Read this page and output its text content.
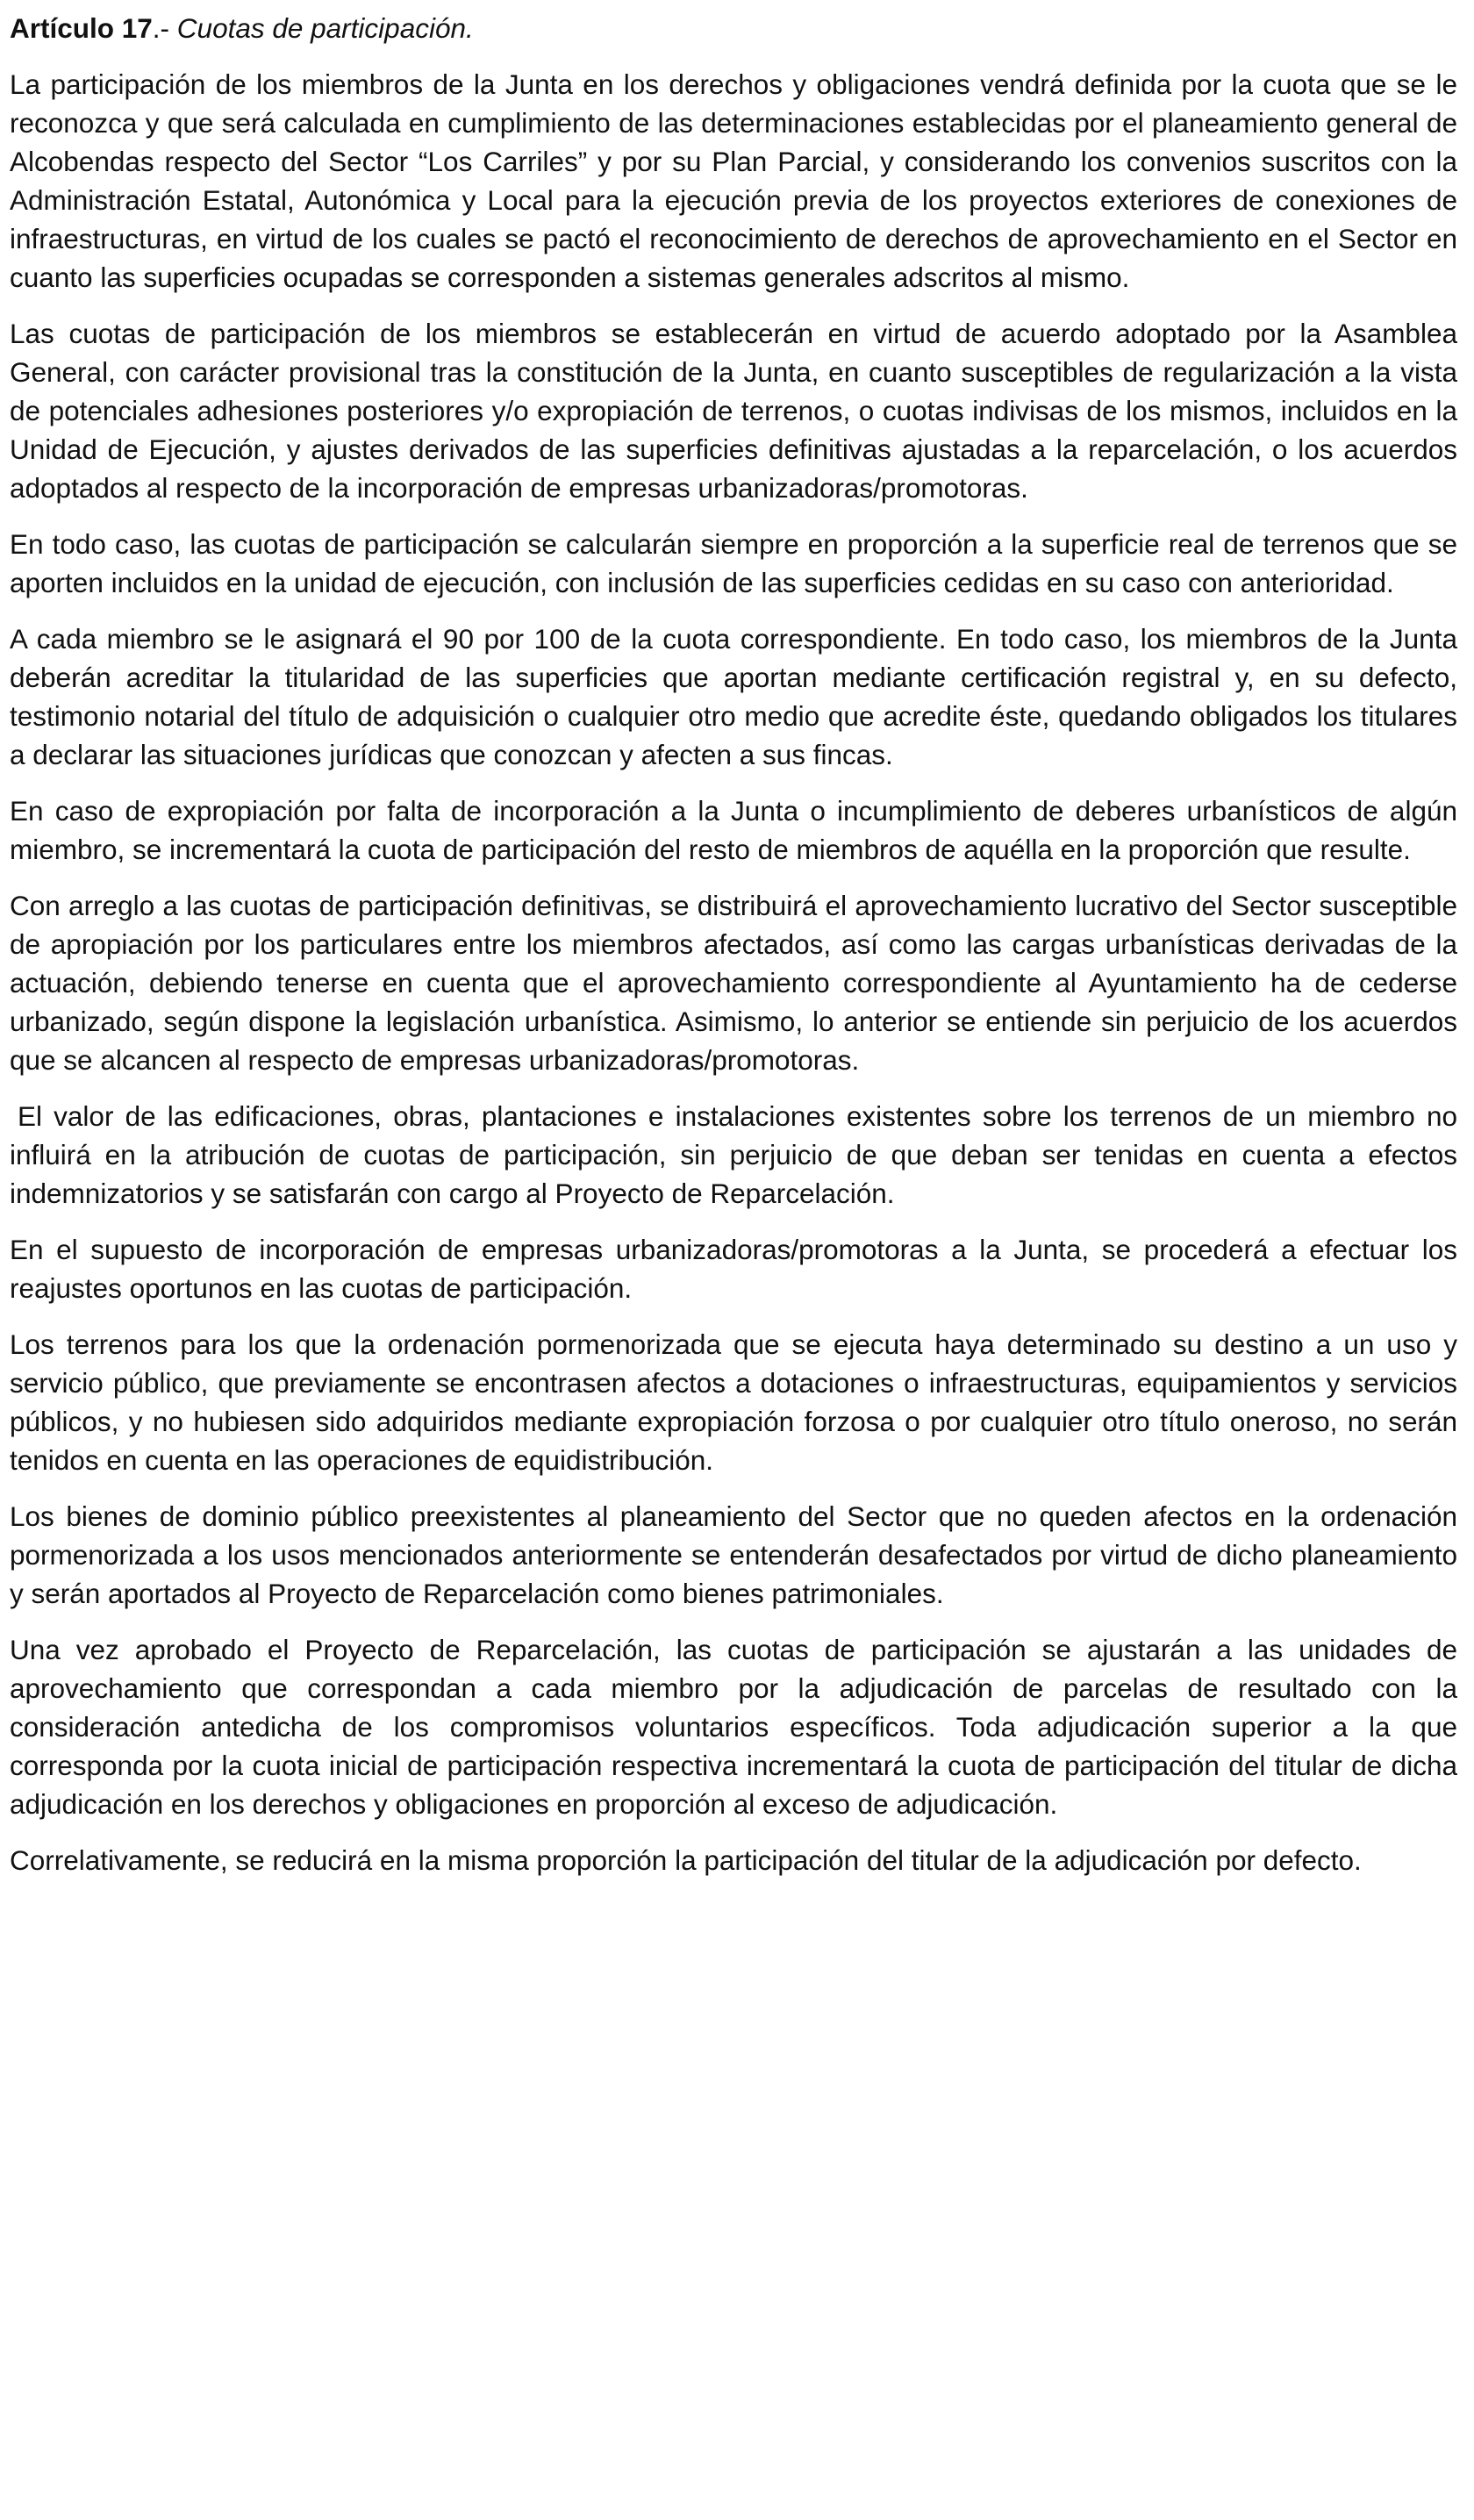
Artículo 17.- Cuotas de participación.

La participación de los miembros de la Junta en los derechos y obligaciones vendrá definida por la cuota que se le reconozca y que será calculada en cumplimiento de las determinaciones establecidas por el planeamiento general de Alcobendas respecto del Sector “Los Carriles” y por su Plan Parcial, y considerando los convenios suscritos con la Administración Estatal, Autonómica y Local para la ejecución previa de los proyectos exteriores de conexiones de infraestructuras, en virtud de los cuales se pactó el reconocimiento de derechos de aprovechamiento en el Sector en cuanto las superficies ocupadas se corresponden a sistemas generales adscritos al mismo.

Las cuotas de participación de los miembros se establecerán en virtud de acuerdo adoptado por la Asamblea General, con carácter provisional tras la constitución de la Junta, en cuanto susceptibles de regularización a la vista de potenciales adhesiones posteriores y/o expropiación de terrenos, o cuotas indivisas de los mismos, incluidos en la Unidad de Ejecución, y ajustes derivados de las superficies definitivas ajustadas a la reparcelación, o los acuerdos adoptados al respecto de la incorporación de empresas urbanizadoras/promotoras.

En todo caso, las cuotas de participación se calcularán siempre en proporción a la superficie real de terrenos que se aporten incluidos en la unidad de ejecución, con inclusión de las superficies cedidas en su caso con anterioridad.

A cada miembro se le asignará el 90 por 100 de la cuota correspondiente. En todo caso, los miembros de la Junta deberán acreditar la titularidad de las superficies que aportan mediante certificación registral y, en su defecto, testimonio notarial del título de adquisición o cualquier otro medio que acredite éste, quedando obligados los titulares a declarar las situaciones jurídicas que conozcan y afecten a sus fincas.

En caso de expropiación por falta de incorporación a la Junta o incumplimiento de deberes urbanísticos de algún miembro, se incrementará la cuota de participación del resto de miembros de aquélla en la proporción que resulte.

Con arreglo a las cuotas de participación definitivas, se distribuirá el aprovechamiento lucrativo del Sector susceptible de apropiación por los particulares entre los miembros afectados, así como las cargas urbanísticas derivadas de la actuación, debiendo tenerse en cuenta que el aprovechamiento correspondiente al Ayuntamiento ha de cederse urbanizado, según dispone la legislación urbanística. Asimismo, lo anterior se entiende sin perjuicio de los acuerdos que se alcancen al respecto de empresas urbanizadoras/promotoras.

El valor de las edificaciones, obras, plantaciones e instalaciones existentes sobre los terrenos de un miembro no influirá en la atribución de cuotas de participación, sin perjuicio de que deban ser tenidas en cuenta a efectos indemnizatorios y se satisfarán con cargo al Proyecto de Reparcelación.

En el supuesto de incorporación de empresas urbanizadoras/promotoras a la Junta, se procederá a efectuar los reajustes oportunos en las cuotas de participación.

Los terrenos para los que la ordenación pormenorizada que se ejecuta haya determinado su destino a un uso y servicio público, que previamente se encontrasen afectos a dotaciones o infraestructuras, equipamientos y servicios públicos, y no hubiesen sido adquiridos mediante expropiación forzosa o por cualquier otro título oneroso, no serán tenidos en cuenta en las operaciones de equidistribución.

Los bienes de dominio público preexistentes al planeamiento del Sector que no queden afectos en la ordenación pormenorizada a los usos mencionados anteriormente se entenderán desafectados por virtud de dicho planeamiento y serán aportados al Proyecto de Reparcelación como bienes patrimoniales.

Una vez aprobado el Proyecto de Reparcelación, las cuotas de participación se ajustarán a las unidades de aprovechamiento que correspondan a cada miembro por la adjudicación de parcelas de resultado con la consideración antedicha de los compromisos voluntarios específicos. Toda adjudicación superior a la que corresponda por la cuota inicial de participación respectiva incrementará la cuota de participación del titular de dicha adjudicación en los derechos y obligaciones en proporción al exceso de adjudicación.

Correlativamente, se reducirá en la misma proporción la participación del titular de la adjudicación por defecto.
